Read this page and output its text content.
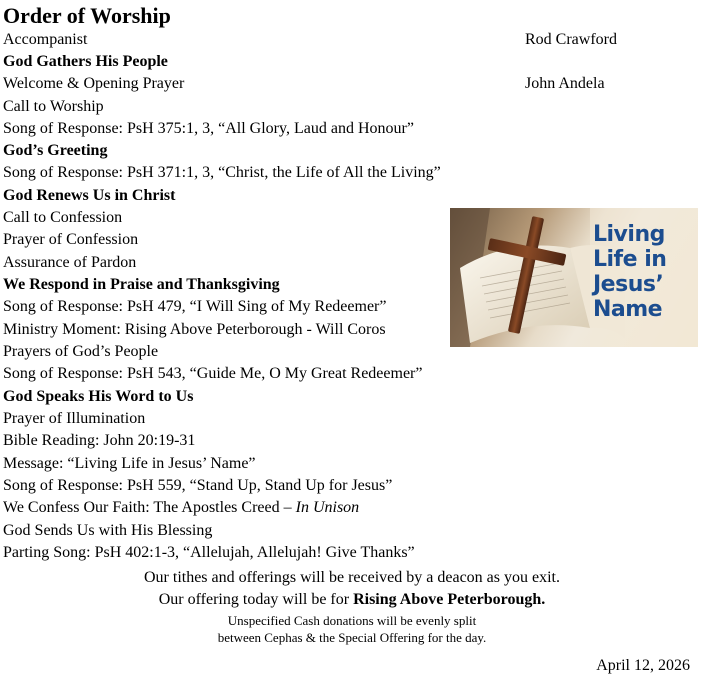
Order of Worship
Accompanist	Rod Crawford
God Gathers His People
Welcome & Opening Prayer	John Andela
Call to Worship
Song of Response: PsH 375:1, 3, “All Glory, Laud and Honour”
God’s Greeting
Song of Response: PsH 371:1, 3, “Christ, the Life of All the Living”
God Renews Us in Christ
Call to Confession
Prayer of Confession
Assurance of Pardon
We Respond in Praise and Thanksgiving
Song of Response: PsH 479, “I Will Sing of My Redeemer”
Ministry Moment: Rising Above Peterborough - Will Coros
Prayers of God’s People
Song of Response: PsH 543, “Guide Me, O My Great Redeemer”
God Speaks His Word to Us
Prayer of Illumination
Bible Reading: John 20:19-31
Message: “Living Life in Jesus’ Name”
Song of Response: PsH 559, “Stand Up, Stand Up for Jesus”
We Confess Our Faith: The Apostles Creed – In Unison
God Sends Us with His Blessing
Parting Song: PsH 402:1-3, “Allelujah, Allelujah! Give Thanks”
Our tithes and offerings will be received by a deacon as you exit.
Our offering today will be for Rising Above Peterborough.
Unspecified Cash donations will be evenly split
between Cephas & the Special Offering for the day.
April 12, 2026
Living
Life in
Jesus’
Name
